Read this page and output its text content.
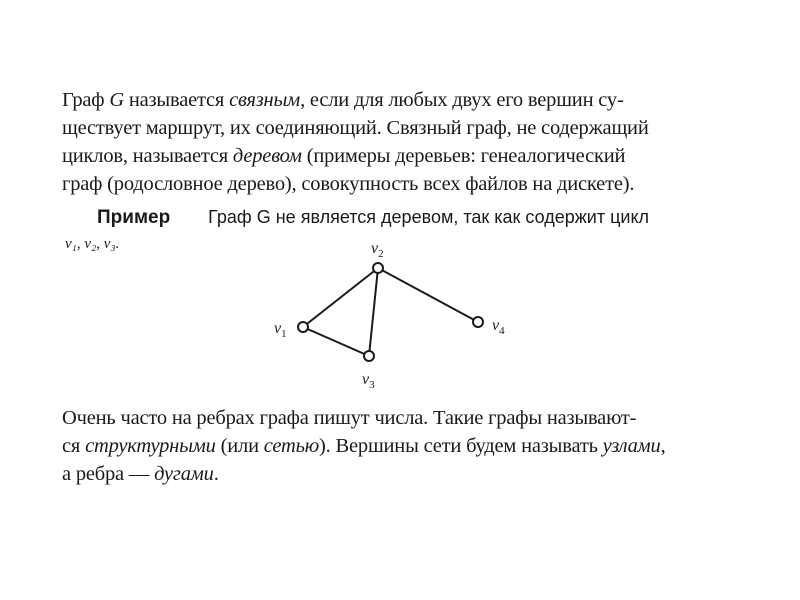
Граф G называется связным, если для любых двух его вершин су-
ществует маршрут, их соединяющий. Связный граф, не содержащий
циклов, называется деревом (примеры деревьев: генеалогический
граф (родословное дерево), совокупность всех файлов на дискете).
Пример Граф G не является деревом, так как содержит цикл
ν₁, ν₂, ν₃.
$\nu_1$
$\nu_2$
$\nu_3$
$\nu_4$
Очень часто на ребрах графа пишут числа. Такие графы называют-
ся структурными (или сетью). Вершины сети будем называть узлами,
а ребра — дугами.
